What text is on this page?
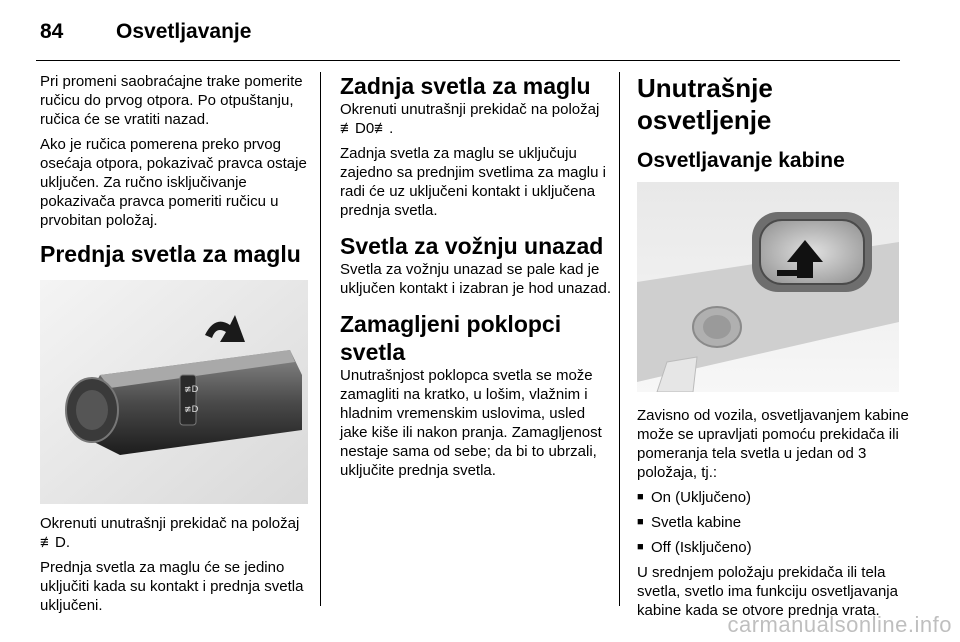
84	Osvetljavanje

Pri promeni saobraćajne trake pomerite ručicu do prvog otpora. Po otpuštanju, ručica će se vratiti nazad.

Ako je ručica pomerena preko prvog osećaja otpora, pokazivač pravca ostaje uključen. Za ručno isključivanje pokazivača pravca pomeriti ručicu u prvobitan položaj.

Prednja svetla za maglu
≢D
≢D

Okrenuti unutrašnji prekidač na položaj ≢D.

Prednja svetla za maglu će se jedino uključiti kada su kontakt i prednja svetla uključeni.

Zadnja svetla za maglu

Okrenuti unutrašnji prekidač na položaj ≢D0≢.

Zadnja svetla za maglu se uključuju zajedno sa prednjim svetlima za maglu i radi će uz uključeni kontakt i uključena prednja svetla.

Svetla za vožnju unazad

Svetla za vožnju unazad se pale kad je uključen kontakt i izabran je hod unazad.

Zamagljeni poklopci svetla

Unutrašnjost poklopca svetla se može zamagliti na kratko, u lošim, vlažnim i hladnim vremenskim uslovima, usled jake kiše ili nakon pranja. Zamagljenost nestaje sama od sebe; da bi to ubrzali, uključite prednja svetla.

Unutrašnje osvetljenje
Osvetljavanje kabine

Zavisno od vozila, osvetljavanjem kabine može se upravljati pomoću prekidača ili pomeranja tela svetla u jedan od 3 položaja, tj.:

■ On (Uključeno)
■ Svetla kabine
■ Off (Isključeno)

U srednjem položaju prekidača ili tela svetla, svetlo ima funkciju osvetljavanja kabine kada se otvore prednja vrata.

carmanualsonline.info
